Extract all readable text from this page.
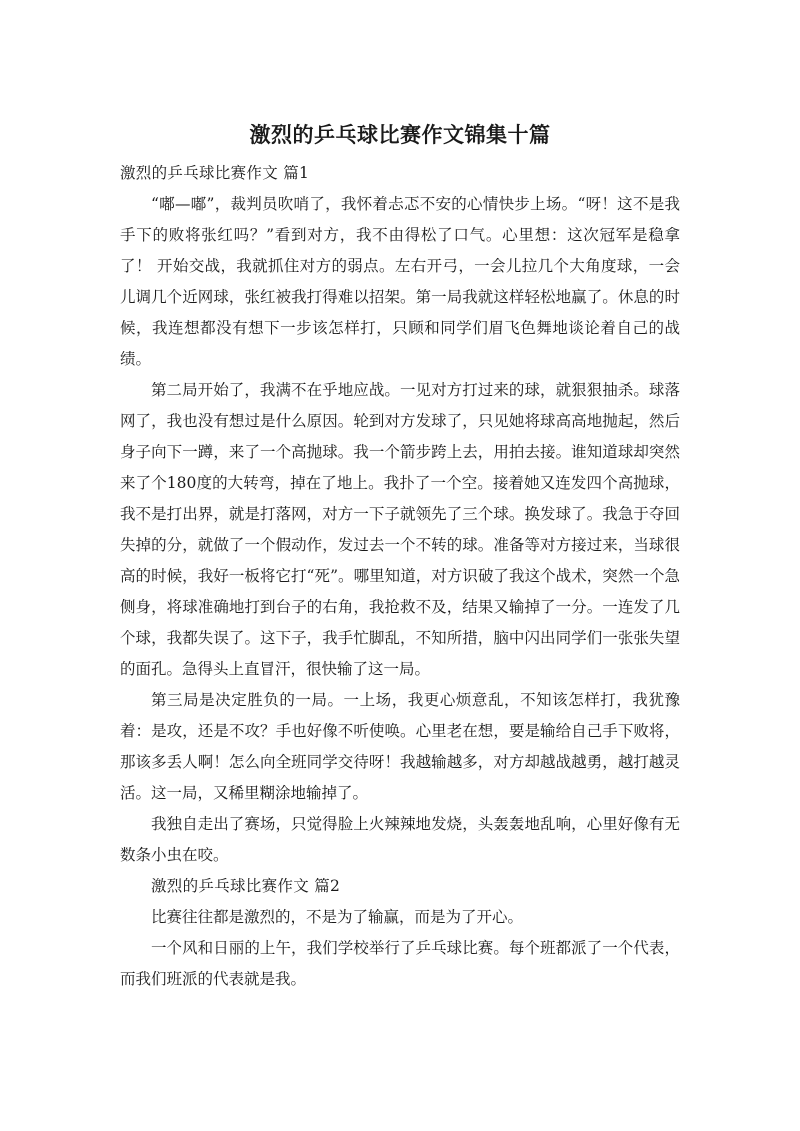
激烈的乒乓球比赛作文锦集十篇

激烈的乒乓球比赛作文 篇1

“嘟—嘟”，裁判员吹哨了，我怀着忐忑不安的心情快步上场。“呀！这不是我手下的败将张红吗？”看到对方，我不由得松了口气。心里想：这次冠军是稳拿了！ 开始交战，我就抓住对方的弱点。左右开弓，一会儿拉几个大角度球，一会儿调几个近网球，张红被我打得难以招架。第一局我就这样轻松地赢了。休息的时候，我连想都没有想下一步该怎样打，只顾和同学们眉飞色舞地谈论着自己的战绩。

第二局开始了，我满不在乎地应战。一见对方打过来的球，就狠狠抽杀。球落网了，我也没有想过是什么原因。轮到对方发球了，只见她将球高高地抛起，然后身子向下一蹲，来了一个高抛球。我一个箭步跨上去，用拍去接。谁知道球却突然来了个180度的大转弯，掉在了地上。我扑了一个空。接着她又连发四个高抛球，我不是打出界，就是打落网，对方一下子就领先了三个球。换发球了。我急于夺回失掉的分，就做了一个假动作，发过去一个不转的球。准备等对方接过来，当球很高的时候，我好一板将它打“死”。哪里知道，对方识破了我这个战术，突然一个急侧身，将球准确地打到台子的右角，我抢救不及，结果又输掉了一分。一连发了几个球，我都失误了。这下子，我手忙脚乱，不知所措，脑中闪出同学们一张张失望的面孔。急得头上直冒汗，很快输了这一局。

第三局是决定胜负的一局。一上场，我更心烦意乱，不知该怎样打，我犹豫着：是攻，还是不攻？手也好像不听使唤。心里老在想，要是输给自己手下败将，那该多丢人啊！怎么向全班同学交待呀！我越输越多，对方却越战越勇，越打越灵活。这一局，又稀里糊涂地输掉了。

我独自走出了赛场，只觉得脸上火辣辣地发烧，头轰轰地乱响，心里好像有无数条小虫在咬。

激烈的乒乓球比赛作文 篇2

比赛往往都是激烈的，不是为了输赢，而是为了开心。

一个风和日丽的上午，我们学校举行了乒乓球比赛。每个班都派了一个代表，而我们班派的代表就是我。
